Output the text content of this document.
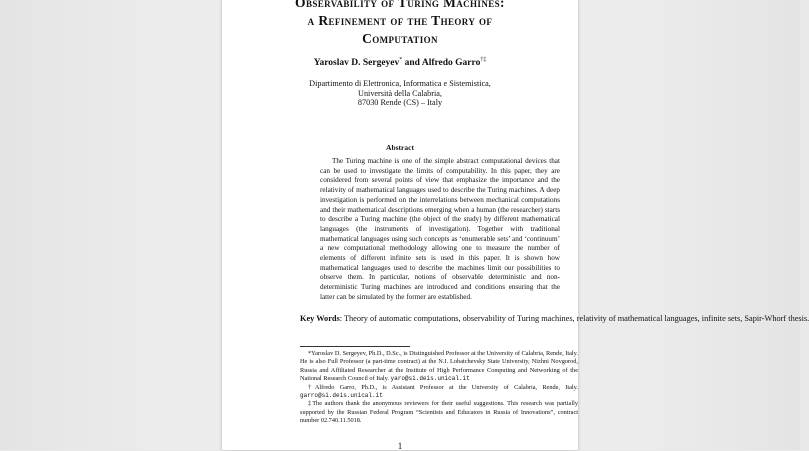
Observability of Turing Machines:
a Refinement of the Theory of
Computation
Yaroslav D. Sergeyev* and Alfredo Garro†‡
Dipartimento di Elettronica, Informatica e Sistemistica,
Università della Calabria,
87030 Rende (CS) – Italy
Abstract

The Turing machine is one of the simple abstract computational devices that can be used to investigate the limits of computability. In this paper, they are considered from several points of view that emphasize the importance and the relativity of mathematical languages used to describe the Turing machines. A deep investigation is performed on the interrelations between mechanical computations and their mathematical descriptions emerging when a human (the researcher) starts to describe a Turing machine (the object of the study) by different mathematical languages (the instruments of investigation). Together with traditional mathematical languages using such concepts as ‘enumerable sets’ and ‘continuum’ a new computational methodology allowing one to measure the number of elements of different infinite sets is used in this paper. It is shown how mathematical languages used to describe the machines limit our possibilities to observe them. In particular, notions of observable deterministic and non-deterministic Turing machines are introduced and conditions ensuring that the latter can be simulated by the former are established.

Key Words: Theory of automatic computations, observability of Turing machines, relativity of mathematical languages, infinite sets, Sapir-Whorf thesis.

*Yaroslav D. Sergeyev, Ph.D., D.Sc., is Distinguished Professor at the University of Calabria, Rende, Italy. He is also Full Professor (a part-time contract) at the N.I. Lobatchevsky State University, Nizhni Novgorod, Russia and Affiliated Researcher at the Institute of High Performance Computing and Networking of the National Research Council of Italy. yaro@si.deis.unical.it

†Alfredo Garro, Ph.D., is Assistant Professor at the University of Calabria, Rende, Italy. garro@si.deis.unical.it

‡The authors thank the anonymous reviewers for their useful suggestions. This research was partially supported by the Russian Federal Program “Scientists and Educators in Russia of Innovations”, contract number 02.740.11.5018.

1
